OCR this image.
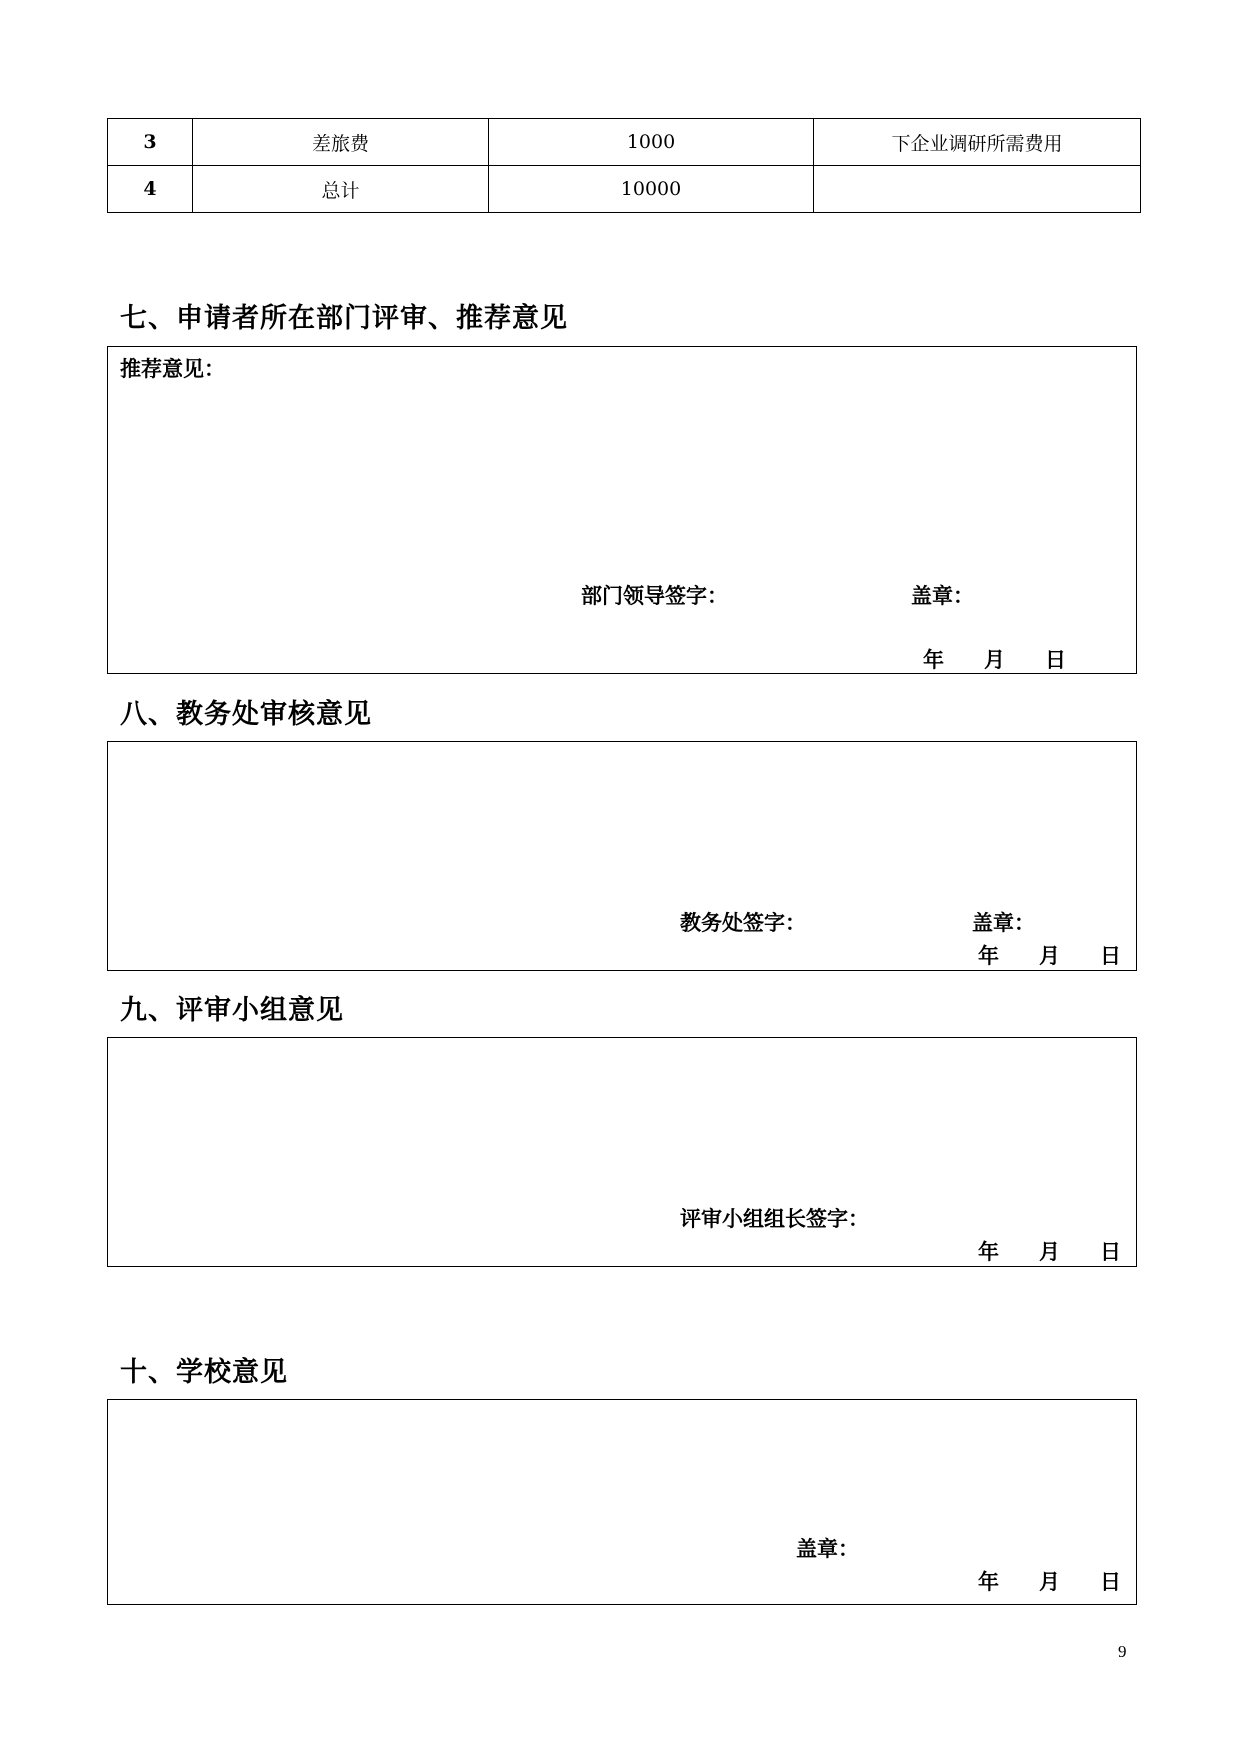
3	差旅费	1000	下企业调研所需费用
4	总计	10000	
七、申请者所在部门评审、推荐意见
推荐意见：
部门领导签字：	盖章：
年 月 日
八、教务处审核意见
教务处签字：	盖章：
年 月 日
九、评审小组意见
评审小组组长签字：
年 月 日
十、学校意见
盖章：
年 月 日
9
